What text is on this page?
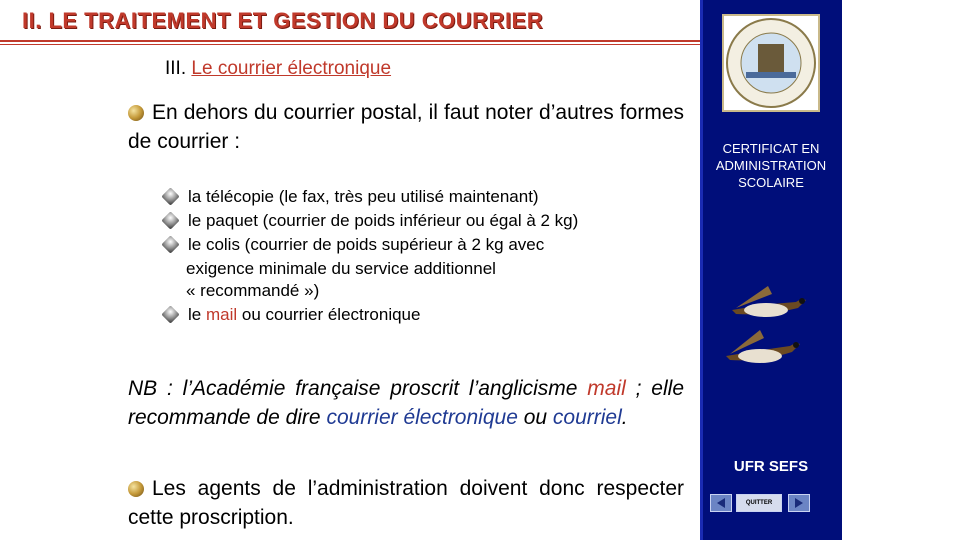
II. LE TRAITEMENT ET GESTION DU COURRIER
III. Le courrier électronique
En dehors du courrier postal, il faut noter d’autres formes de courrier :
la télécopie (le fax, très peu utilisé maintenant)
le paquet (courrier de poids inférieur ou égal à 2 kg)
le colis (courrier de poids supérieur à 2 kg avec
exigence minimale du service additionnel
« recommandé »)
le mail ou courrier électronique
NB : l’Académie française proscrit l’anglicisme mail ; elle recommande de dire courrier électronique ou courriel.
Les agents de l’administration doivent donc respecter cette proscription.
CERTIFICAT EN
ADMINISTRATION
SCOLAIRE
UFR SEFS
QUITTER
